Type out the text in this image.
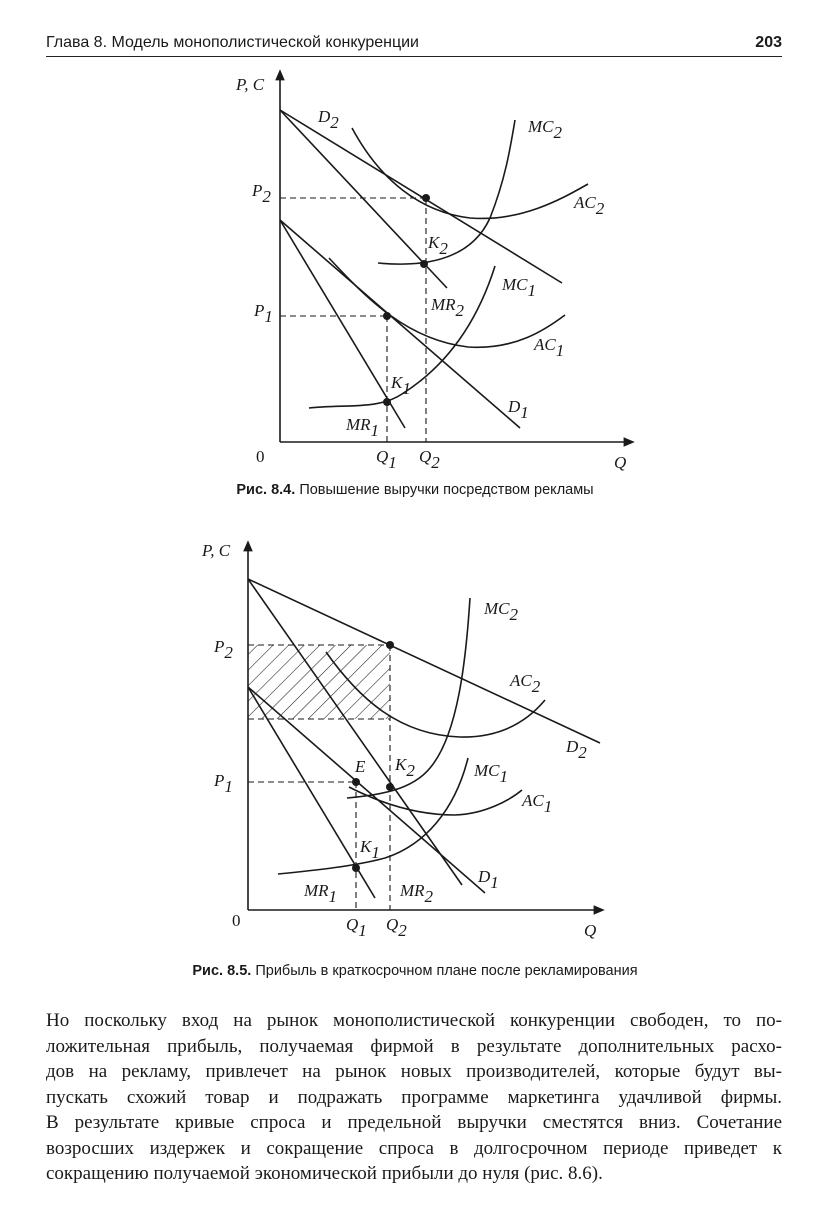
Глава 8. Модель монополистической конкуренции	203
P, C
Q
0
P2
P1
Q1 Q2
D2
D1
MC2
AC2
MC1
AC1
MR2
MR1
K2
K1
Рис. 8.4. Повышение выручки посредством рекламы
P, C
Q
0
P2
P1
Q1 Q2
D2
D1
MC2
AC2
MC1
AC1
MR2
MR1
K2
K1
E
Рис. 8.5. Прибыль в краткосрочном плане после рекламирования
Но поскольку вход на рынок монополистической конкуренции свободен, то по-
ложительная прибыль, получаемая фирмой в результате дополнительных расхо-
дов на рекламу, привлечет на рынок новых производителей, которые будут вы-
пускать схожий товар и подражать программе маркетинга удачливой фирмы.
В результате кривые спроса и предельной выручки сместятся вниз. Сочетание
возросших издержек и сокращение спроса в долгосрочном периоде приведет к
сокращению получаемой экономической прибыли до нуля (рис. 8.6).
